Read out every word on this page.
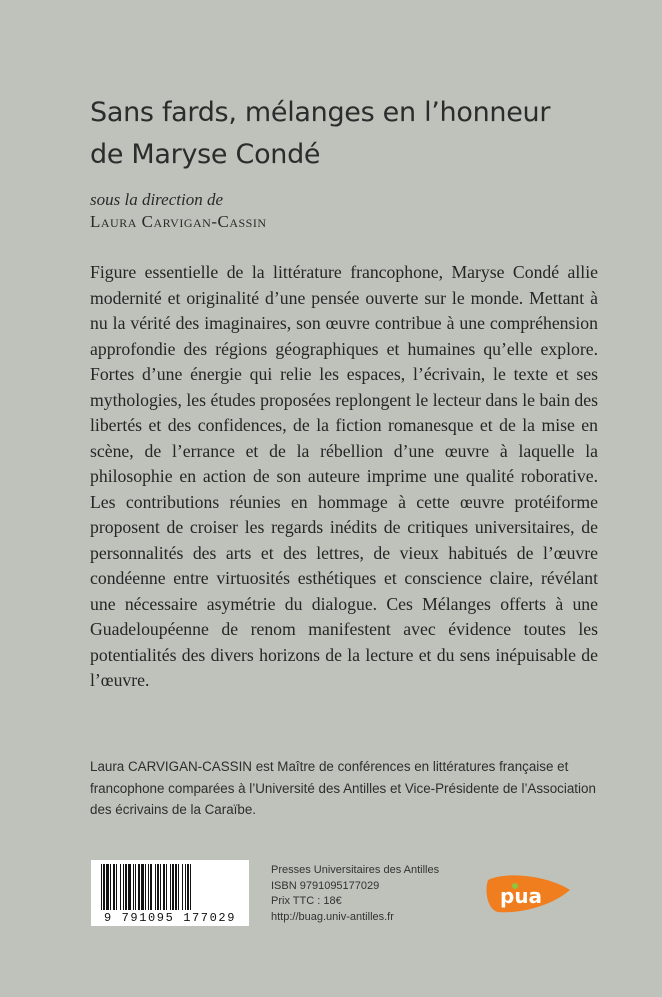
Sans fards, mélanges en l’honneur
de Maryse Condé
sous la direction de
Laura Carvigan-Cassin

Figure essentielle de la littérature francophone, Maryse Condé allie modernité et originalité d’une pensée ouverte sur le monde. Mettant à nu la vérité des imaginaires, son œuvre contribue à une compréhension approfondie des régions géographiques et humaines qu’elle explore. Fortes d’une énergie qui relie les espaces, l’écrivain, le texte et ses mythologies, les études proposées replongent le lecteur dans le bain des libertés et des confidences, de la fiction romanesque et de la mise en scène, de l’errance et de la rébellion d’une œuvre à laquelle la philosophie en action de son auteure imprime une qualité roborative. Les contributions réunies en hommage à cette œuvre protéiforme proposent de croiser les regards inédits de critiques universitaires, de personnalités des arts et des lettres, de vieux habitués de l’œuvre condéenne entre virtuosités esthétiques et conscience claire, révélant une nécessaire asymétrie du dialogue. Ces Mélanges offerts à une Guadeloupéenne de renom manifestent avec évidence toutes les potentialités des divers horizons de la lecture et du sens inépuisable de l’œuvre.

Laura CARVIGAN-CASSIN est Maître de conférences en littératures française et francophone comparées à l’Université des Antilles et Vice-Présidente de l’Association des écrivains de la Caraïbe.

9 791095 177029
Presses Universitaires des Antilles
ISBN 9791095177029
Prix TTC : 18€
http://buag.univ-antilles.fr
pua
